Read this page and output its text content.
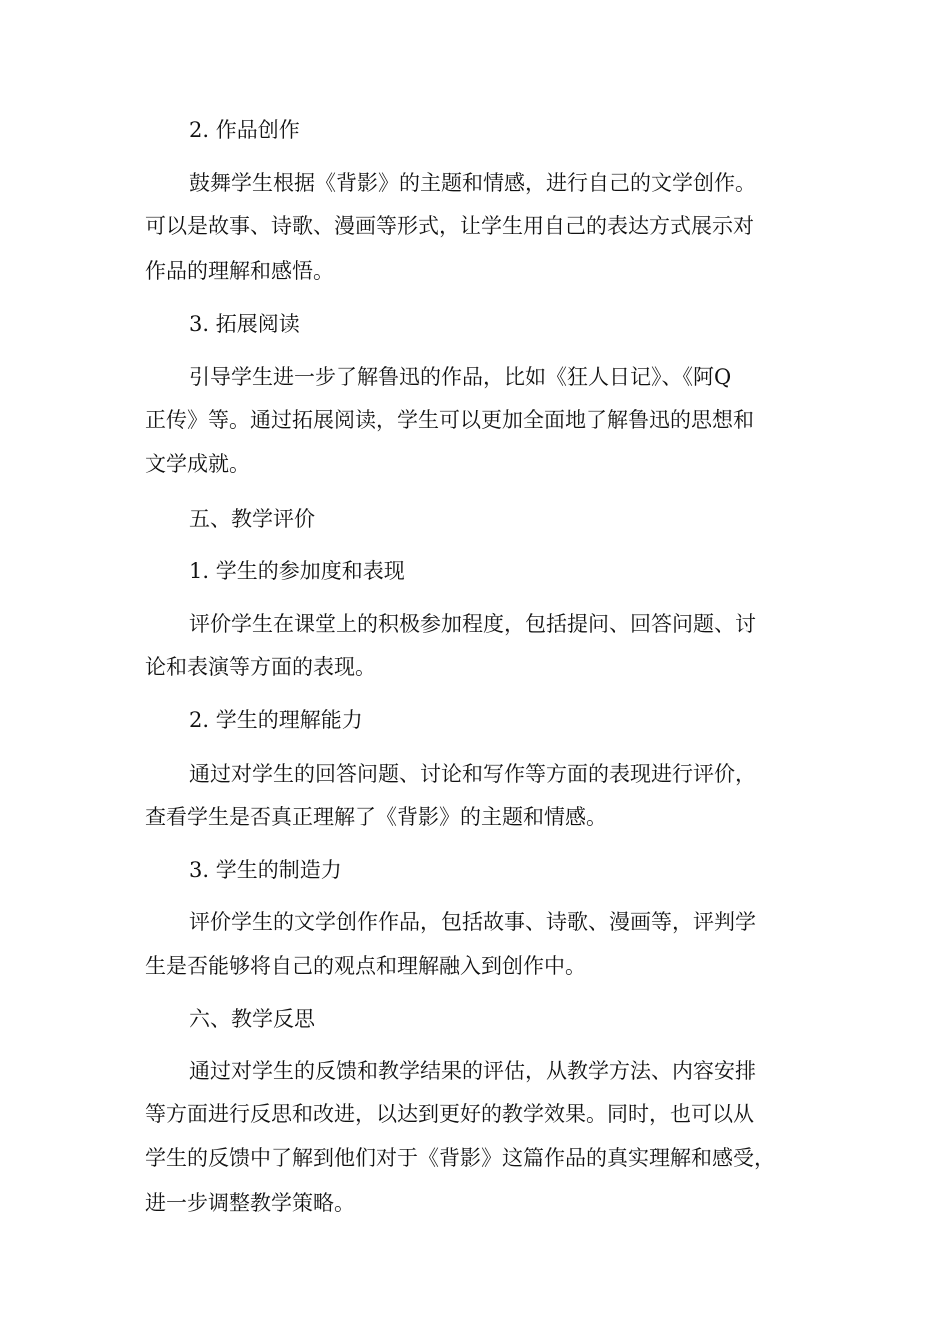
2. 作品创作
鼓舞学生根据《背影》的主题和情感，进行自己的文学创作。
可以是故事、诗歌、漫画等形式，让学生用自己的表达方式展示对
作品的理解和感悟。
3. 拓展阅读
引导学生进一步了解鲁迅的作品，比如《狂人日记》、《阿Q
正传》等。通过拓展阅读，学生可以更加全面地了解鲁迅的思想和
文学成就。
五、教学评价
1. 学生的参加度和表现
评价学生在课堂上的积极参加程度，包括提问、回答问题、讨
论和表演等方面的表现。
2. 学生的理解能力
通过对学生的回答问题、讨论和写作等方面的表现进行评价，
查看学生是否真正理解了《背影》的主题和情感。
3. 学生的制造力
评价学生的文学创作作品，包括故事、诗歌、漫画等，评判学
生是否能够将自己的观点和理解融入到创作中。
六、教学反思
通过对学生的反馈和教学结果的评估，从教学方法、内容安排
等方面进行反思和改进，以达到更好的教学效果。同时，也可以从
学生的反馈中了解到他们对于《背影》这篇作品的真实理解和感受，
进一步调整教学策略。
